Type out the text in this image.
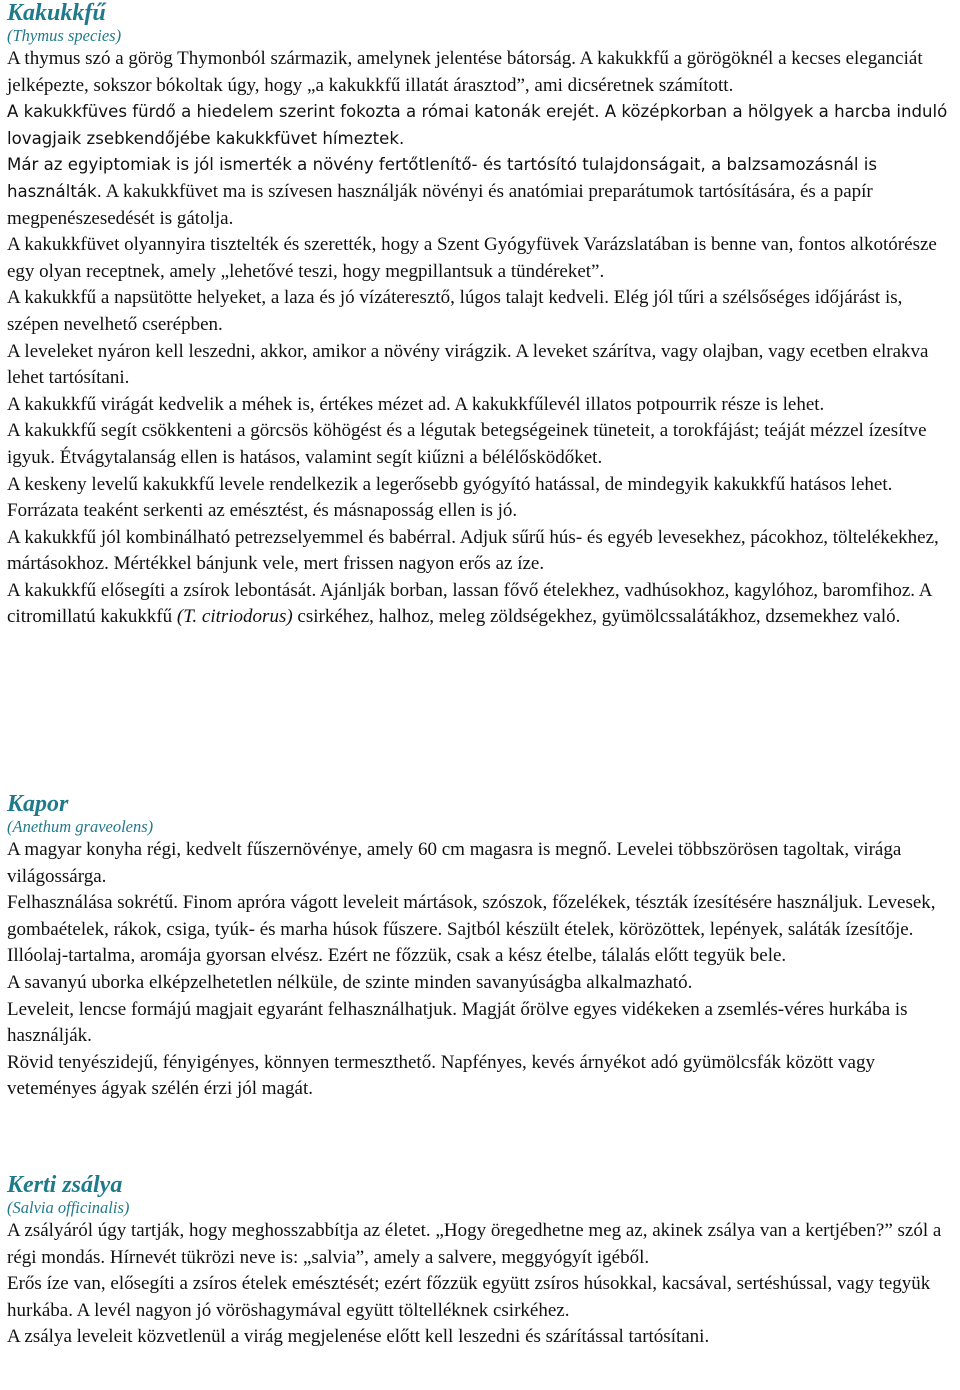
Kakukkfű
(Thymus species)

A thymus szó a görög Thymonból származik, amelynek jelentése bátorság. A kakukkfű a görögöknél a kecses eleganciát jelképezte, sokszor bókoltak úgy, hogy „a kakukkfű illatát árasztod”, ami dicséretnek számított.

A kakukkfüves fürdő a hiedelem szerint fokozta a római katonák erejét. A középkorban a hölgyek a harcba induló lovagjaik zsebkendőjébe kakukkfüvet hímeztek.

Már az egyiptomiak is jól ismerték a növény fertőtlenítő- és tartósító tulajdonságait, a balzsamozásnál is használták. A kakukkfüvet ma is szívesen használják növényi és anatómiai preparátumok tartósítására, és a papír megpenészesedését is gátolja.

A kakukkfüvet olyannyira tisztelték és szerették, hogy a Szent Gyógyfüvek Varázslatában is benne van, fontos alkotórésze egy olyan receptnek, amely „lehetővé teszi, hogy megpillantsuk a tündéreket”.

A kakukkfű a napsütötte helyeket, a laza és jó vízáteresztő, lúgos talajt kedveli. Elég jól tűri a szélsőséges időjárást is, szépen nevelhető cserépben.

A leveleket nyáron kell leszedni, akkor, amikor a növény virágzik. A leveket szárítva, vagy olajban, vagy ecetben elrakva lehet tartósítani.

A kakukkfű virágát kedvelik a méhek is, értékes mézet ad. A kakukkfűlevél illatos potpourrik része is lehet.

A kakukkfű segít csökkenteni a görcsös köhögést és a légutak betegségeinek tüneteit, a torokfájást; teáját mézzel ízesítve igyuk. Étvágytalanság ellen is hatásos, valamint segít kiűzni a bélélősködőket.

A keskeny levelű kakukkfű levele rendelkezik a legerősebb gyógyító hatással, de mindegyik kakukkfű hatásos lehet. Forrázata teaként serkenti az emésztést, és másnaposság ellen is jó.

A kakukkfű jól kombinálható petrezselyemmel és babérral. Adjuk sűrű hús- és egyéb levesekhez, pácokhoz, töltelékekhez, mártásokhoz. Mértékkel bánjunk vele, mert frissen nagyon erős az íze.

A kakukkfű elősegíti a zsírok lebontását. Ajánlják borban, lassan fővő ételekhez, vadhúsokhoz, kagylóhoz, baromfihoz. A citromillatú kakukkfű (T. citriodorus) csirkéhez, halhoz, meleg zöldségekhez, gyümölcssalátákhoz, dzsemekhez való.

Kapor
(Anethum graveolens)

A magyar konyha régi, kedvelt fűszernövénye, amely 60 cm magasra is megnő. Levelei többszörösen tagoltak, virága világossárga.

Felhasználása sokrétű. Finom apróra vágott leveleit mártások, szószok, főzelékek, tészták ízesítésére használjuk. Levesek, gombaételek, rákok, csiga, tyúk- és marha húsok fűszere. Sajtból készült ételek, körözöttek, lepények, saláták ízesítője. Illóolaj-tartalma, aromája gyorsan elvész. Ezért ne főzzük, csak a kész ételbe, tálalás előtt tegyük bele.

A savanyú uborka elképzelhetetlen nélküle, de szinte minden savanyúságba alkalmazható.

Leveleit, lencse formájú magjait egyaránt felhasználhatjuk. Magját őrölve egyes vidékeken a zsemlés-véres hurkába is használják.

Rövid tenyészidejű, fényigényes, könnyen termeszthető. Napfényes, kevés árnyékot adó gyümölcsfák között vagy veteményes ágyak szélén érzi jól magát.

Kerti zsálya
(Salvia officinalis)

A zsályáról úgy tartják, hogy meghosszabbítja az életet. „Hogy öregedhetne meg az, akinek zsálya van a kertjében?” szól a régi mondás. Hírnevét tükrözi neve is: „salvia”, amely a salvere, meggyógyít igéből.

Erős íze van, elősegíti a zsíros ételek emésztését; ezért főzzük együtt zsíros húsokkal, kacsával, sertéshússal, vagy tegyük hurkába. A levél nagyon jó vöröshagymával együtt töltelléknek csirkéhez.

A zsálya leveleit közvetlenül a virág megjelenése előtt kell leszedni és szárítással tartósítani.
